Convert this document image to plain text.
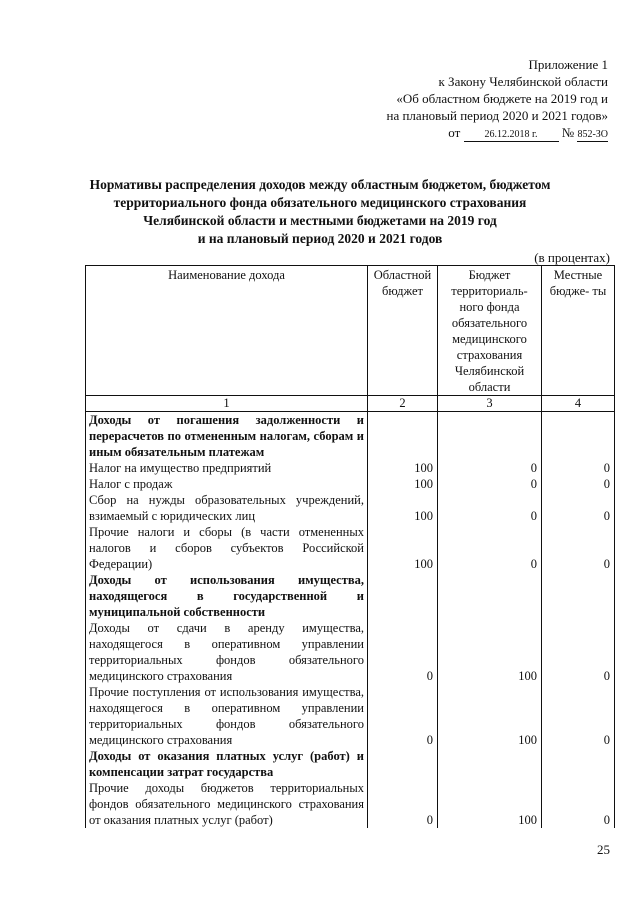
Приложение 1
к Закону Челябинской области
«Об областном бюджете на 2019 год и
на плановый период 2020 и 2021 годов»
от 26.12.2018 г. № 852-ЗО
Нормативы распределения доходов между областным бюджетом, бюджетом
территориального фонда обязательного медицинского страхования
Челябинской области и местными бюджетами на 2019 год
и на плановый период 2020 и 2021 годов
(в процентах)
Наименование дохода	Областной бюджет	Бюджет территориаль- ного фонда обязательного медицинского страхования Челябинской области	Местные бюдже- ты
1	2	3	4
Доходы от погашения задолженности и перерасчетов по отмененным налогам, сборам и иным обязательным платежам			
Налог на имущество предприятий	100	0	0
Налог с продаж	100	0	0
Сбор на нужды образовательных учреждений, взимаемый с юридических лиц	100	0	0
Прочие налоги и сборы (в части отмененных налогов и сборов субъектов Российской Федерации)	100	0	0
Доходы от использования имущества, находящегося в государственной и муниципальной собственности			
Доходы от сдачи в аренду имущества, находящегося в оперативном управлении территориальных фондов обязательного медицинского страхования	0	100	0
Прочие поступления от использования имущества, находящегося в оперативном управлении территориальных фондов обязательного медицинского страхования	0	100	0
Доходы от оказания платных услуг (работ) и компенсации затрат государства			
Прочие доходы бюджетов территориальных фондов обязательного медицинского страхования от оказания платных услуг (работ)	0	100	0
25
